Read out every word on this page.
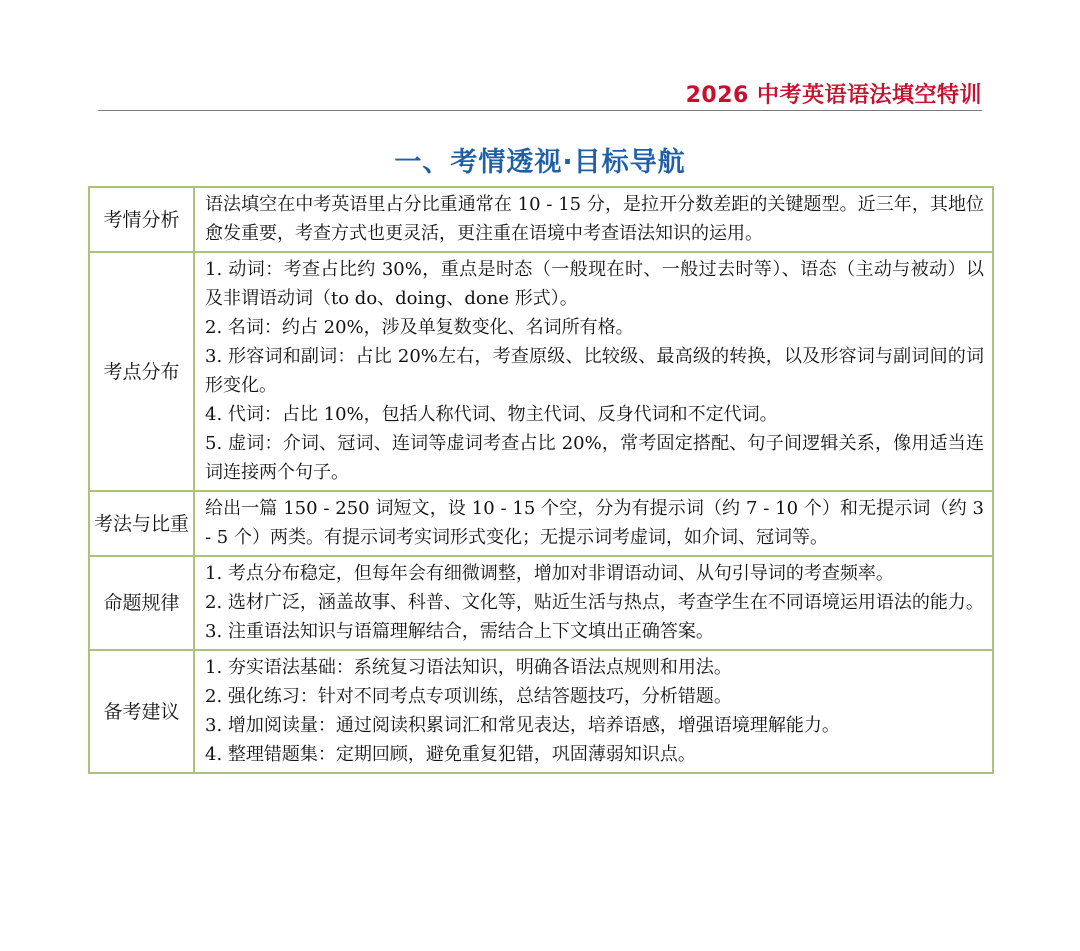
2026 中考英语语法填空特训
一、考情透视·目标导航
考情分析	语法填空在中考英语里占分比重通常在 10 - 15 分，是拉开分数差距的关键题型。近三年，其地位愈发重要，考查方式也更灵活，更注重在语境中考查语法知识的运用。

考点分布	1. 动词：考查占比约 30%，重点是时态（一般现在时、一般过去时等）、语态（主动与被动）以及非谓语动词（to do、doing、done 形式）。
2. 名词：约占 20%，涉及单复数变化、名词所有格。
3. 形容词和副词：占比 20%左右，考查原级、比较级、最高级的转换，以及形容词与副词间的词形变化。
4. 代词：占比 10%，包括人称代词、物主代词、反身代词和不定代词。
5. 虚词：介词、冠词、连词等虚词考查占比 20%，常考固定搭配、句子间逻辑关系，像用适当连词连接两个句子。

考法与比重	给出一篇 150 - 250 词短文，设 10 - 15 个空，分为有提示词（约 7 - 10 个）和无提示词（约 3 - 5 个）两类。有提示词考实词形式变化；无提示词考虚词，如介词、冠词等。

命题规律	1. 考点分布稳定，但每年会有细微调整，增加对非谓语动词、从句引导词的考查频率。
2. 选材广泛，涵盖故事、科普、文化等，贴近生活与热点，考查学生在不同语境运用语法的能力。
3. 注重语法知识与语篇理解结合，需结合上下文填出正确答案。

备考建议	1. 夯实语法基础：系统复习语法知识，明确各语法点规则和用法。
2. 强化练习：针对不同考点专项训练，总结答题技巧，分析错题。
3. 增加阅读量：通过阅读积累词汇和常见表达，培养语感，增强语境理解能力。
4. 整理错题集：定期回顾，避免重复犯错，巩固薄弱知识点。
